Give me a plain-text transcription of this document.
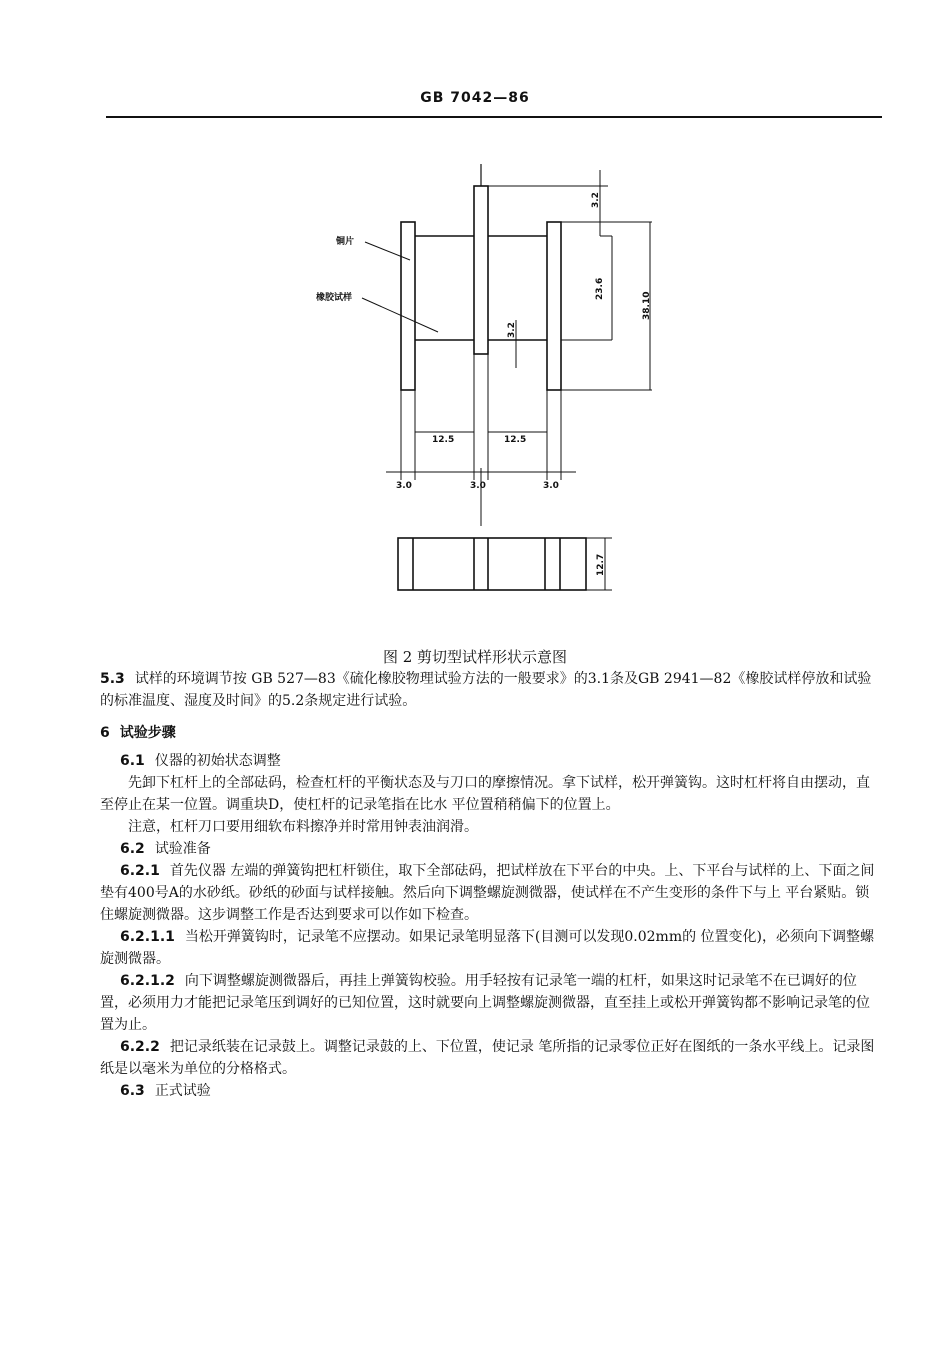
GB 7042—86
3.2
23.6
38.10
3.2
铜片
橡胶试样
12.5	12.5
3.0	3.0	3.0
12.7
图 2 剪切型试样形状示意图

5.3 试样的环境调节按 GB 527—83《硫化橡胶物理试验方法的一般要求》的3.1条及GB 2941—82《橡胶试样停放和试验的标准温度、湿度及时间》的5.2条规定进行试验。

6 试验步骤

6.1 仪器的初始状态调整

先卸下杠杆上的全部砝码，检查杠杆的平衡状态及与刀口的摩擦情况。拿下试样，松开弹簧钩。这时杠杆将自由摆动，直至停止在某一位置。调重块D，使杠杆的记录笔指在比水 平位置稍稍偏下的位置上。

注意，杠杆刀口要用细软布料擦净并时常用钟表油润滑。

6.2 试验准备

6.2.1 首先仪器 左端的弹簧钩把杠杆锁住，取下全部砝码，把试样放在下平台的中央。上、下平台与试样的上、下面之间垫有400号A的水砂纸。砂纸的砂面与试样接触。然后向下调整螺旋测微器，使试样在不产生变形的条件下与上 平台紧贴。锁住螺旋测微器。这步调整工作是否达到要求可以作如下检查。

6.2.1.1 当松开弹簧钩时，记录笔不应摆动。如果记录笔明显落下(目测可以发现0.02mm的 位置变化)，必须向下调整螺旋测微器。

6.2.1.2 向下调整螺旋测微器后，再挂上弹簧钩校验。用手轻按有记录笔一端的杠杆，如果这时记录笔不在已调好的位置，必须用力才能把记录笔压到调好的已知位置，这时就要向上调整螺旋测微器，直至挂上或松开弹簧钩都不影响记录笔的位置为止。

6.2.2 把记录纸装在记录鼓上。调整记录鼓的上、下位置，使记录 笔所指的记录零位正好在图纸的一条水平线上。记录图纸是以毫米为单位的分格格式。

6.3 正式试验
